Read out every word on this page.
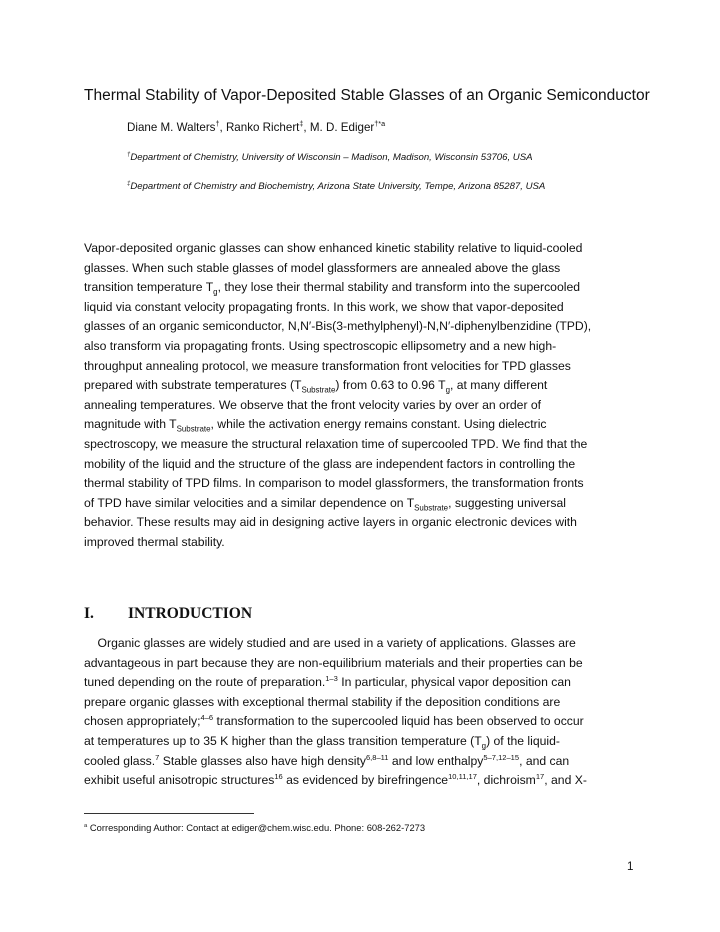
Thermal Stability of Vapor-Deposited Stable Glasses of an Organic Semiconductor
Diane M. Walters†, Ranko Richert‡, M. D. Ediger$^{\dagger*a}$
†Department of Chemistry, University of Wisconsin – Madison, Madison, Wisconsin 53706, USA
‡Department of Chemistry and Biochemistry, Arizona State University, Tempe, Arizona 85287, USA
Vapor-deposited organic glasses can show enhanced kinetic stability relative to liquid-cooled
glasses. When such stable glasses of model glassformers are annealed above the glass
transition temperature $T_g$, they lose their thermal stability and transform into the supercooled
liquid via constant velocity propagating fronts. In this work, we show that vapor-deposited
glasses of an organic semiconductor, N,N′-Bis(3-methylphenyl)-N,N′-diphenylbenzidine (TPD),
also transform via propagating fronts. Using spectroscopic ellipsometry and a new high-
throughput annealing protocol, we measure transformation front velocities for TPD glasses
prepared with substrate temperatures $(T_{Substrate})$ from 0.63 to 0.96 $T_g$, at many different
annealing temperatures. We observe that the front velocity varies by over an order of
magnitude with $T_{Substrate}$, while the activation energy remains constant. Using dielectric
spectroscopy, we measure the structural relaxation time of supercooled TPD. We find that the
mobility of the liquid and the structure of the glass are independent factors in controlling the
thermal stability of TPD films. In comparison to model glassformers, the transformation fronts
of TPD have similar velocities and a similar dependence on $T_{Substrate}$, suggesting universal
behavior. These results may aid in designing active layers in organic electronic devices with
improved thermal stability.
I. INTRODUCTION
Organic glasses are widely studied and are used in a variety of applications. Glasses are
advantageous in part because they are non-equilibrium materials and their properties can be
tuned depending on the route of preparation.$^{1-3}$ In particular, physical vapor deposition can
prepare organic glasses with exceptional thermal stability if the deposition conditions are
chosen appropriately;$^{4-6}$ transformation to the supercooled liquid has been observed to occur
at temperatures up to 35 K higher than the glass transition temperature $(T_g)$ of the liquid-
cooled glass.$^7$ Stable glasses also have high density$^{6,8-11}$ and low enthalpy$^{5-7,12-15}$, and can
exhibit useful anisotropic structures$^{16}$ as evidenced by birefringence$^{10,11,17}$, dichroism$^{17}$, and X-
$^a$ Corresponding Author: Contact at ediger@chem.wisc.edu. Phone: 608-262-7273
1
